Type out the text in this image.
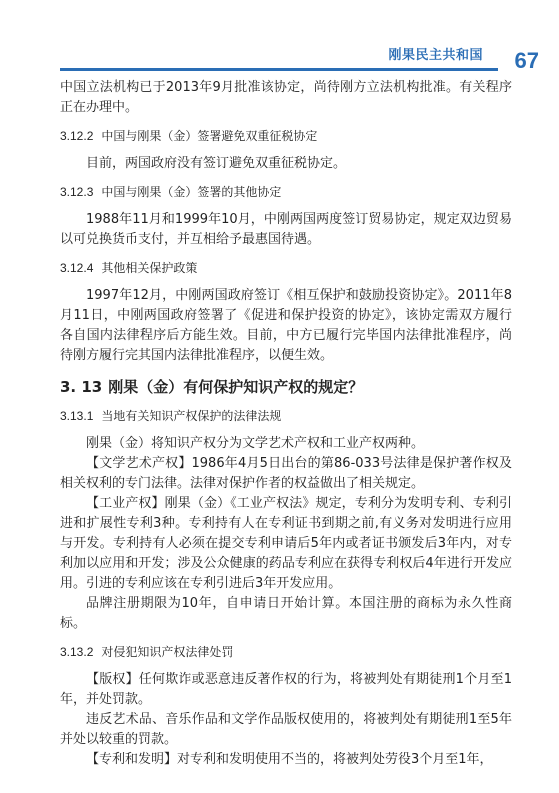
刚果民主共和国 67

中国立法机构已于2013年9月批准该协定，尚待刚方立法机构批准。有关程序正在办理中。

3.12.2 中国与刚果（金）签署避免双重征税协定

目前，两国政府没有签订避免双重征税协定。

3.12.3 中国与刚果（金）签署的其他协定

1988年11月和1999年10月，中刚两国两度签订贸易协定，规定双边贸易以可兑换货币支付，并互相给予最惠国待遇。

3.12.4 其他相关保护政策

1997年12月，中刚两国政府签订《相互保护和鼓励投资协定》。2011年8月11日，中刚两国政府签署了《促进和保护投资的协定》，该协定需双方履行各自国内法律程序后方能生效。目前，中方已履行完毕国内法律批准程序，尚待刚方履行完其国内法律批准程序，以便生效。

3. 13 刚果（金）有何保护知识产权的规定？
3.13.1 当地有关知识产权保护的法律法规

刚果（金）将知识产权分为文学艺术产权和工业产权两种。

【文学艺术产权】1986年4月5日出台的第86-033号法律是保护著作权及相关权利的专门法律。法律对保护作者的权益做出了相关规定。

【工业产权】刚果（金）《工业产权法》规定，专利分为发明专利、专利引进和扩展性专利3种。专利持有人在专利证书到期之前,有义务对发明进行应用与开发。专利持有人必须在提交专利申请后5年内或者证书颁发后3年内，对专利加以应用和开发；涉及公众健康的药品专利应在获得专利权后4年进行开发应用。引进的专利应该在专利引进后3年开发应用。

品牌注册期限为10年，自申请日开始计算。本国注册的商标为永久性商标。

3.13.2 对侵犯知识产权法律处罚

【版权】任何欺诈或恶意违反著作权的行为，将被判处有期徒刑1个月至1年，并处罚款。

违反艺术品、音乐作品和文学作品版权使用的，将被判处有期徒刑1至5年并处以较重的罚款。

【专利和发明】对专利和发明使用不当的，将被判处劳役3个月至1年，
